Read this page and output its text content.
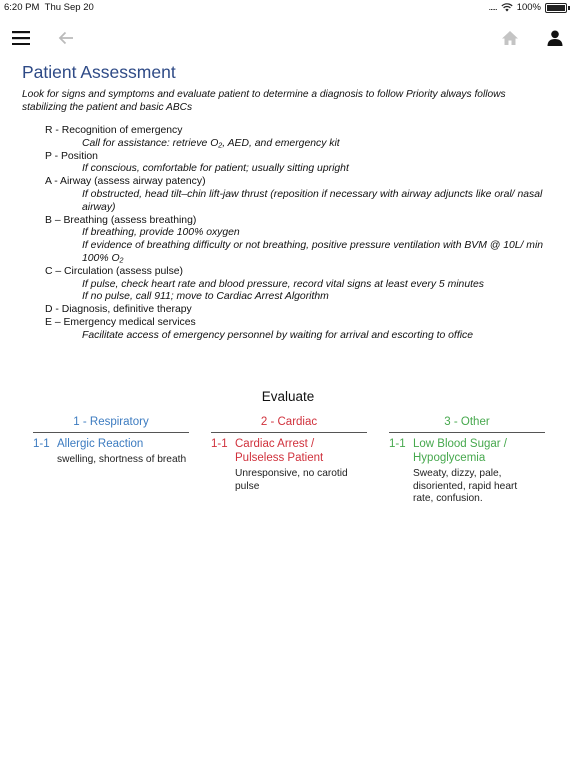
6:20 PM Thu Sep 20	..... 100%
Patient Assessment
Look for signs and symptoms and evaluate patient to determine a diagnosis to follow Priority always follows stabilizing the patient and basic ABCs
R - Recognition of emergency
Call for assistance: retrieve O₂, AED, and emergency kit
P - Position
If conscious, comfortable for patient; usually sitting upright
A - Airway (assess airway patency)
If obstructed, head tilt–chin lift-jaw thrust (reposition if necessary with airway adjuncts like oral/ nasal airway)
B – Breathing (assess breathing)
If breathing, provide 100% oxygen
If evidence of breathing difficulty or not breathing, positive pressure ventilation with BVM @ 10L/ min 100% O₂
C – Circulation (assess pulse)
If pulse, check heart rate and blood pressure, record vital signs at least every 5 minutes
If no pulse, call 911; move to Cardiac Arrest Algorithm
D - Diagnosis, definitive therapy
E – Emergency medical services
Facilitate access of emergency personnel by waiting for arrival and escorting to office
Evaluate
1 - Respiratory
1-1 Allergic Reaction
swelling, shortness of breath
2 - Cardiac
1-1 Cardiac Arrest / Pulseless Patient
Unresponsive, no carotid pulse
3 - Other
1-1 Low Blood Sugar / Hypoglycemia
Sweaty, dizzy, pale, disoriented, rapid heart rate, confusion.
